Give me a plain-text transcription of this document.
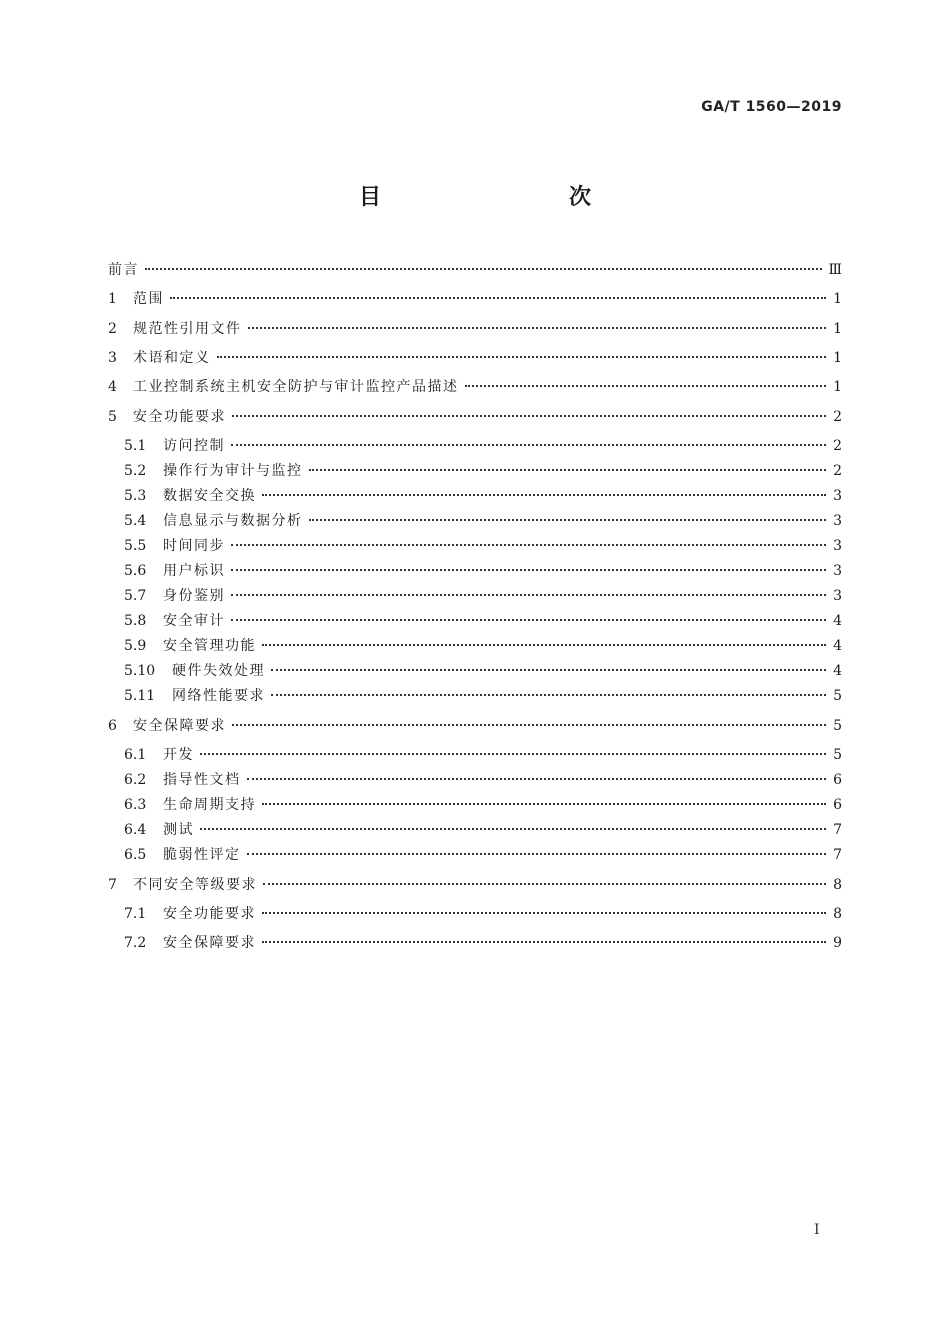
GA/T 1560—2019
目　　次
前言	Ⅲ
1	范围	1
2	规范性引用文件	1
3	术语和定义	1
4	工业控制系统主机安全防护与审计监控产品描述	1
5	安全功能要求	2
5.1	访问控制	2
5.2	操作行为审计与监控	2
5.3	数据安全交换	3
5.4	信息显示与数据分析	3
5.5	时间同步	3
5.6	用户标识	3
5.7	身份鉴别	3
5.8	安全审计	4
5.9	安全管理功能	4
5.10	硬件失效处理	4
5.11	网络性能要求	5
6	安全保障要求	5
6.1	开发	5
6.2	指导性文档	6
6.3	生命周期支持	6
6.4	测试	7
6.5	脆弱性评定	7
7	不同安全等级要求	8
7.1	安全功能要求	8
7.2	安全保障要求	9
I
